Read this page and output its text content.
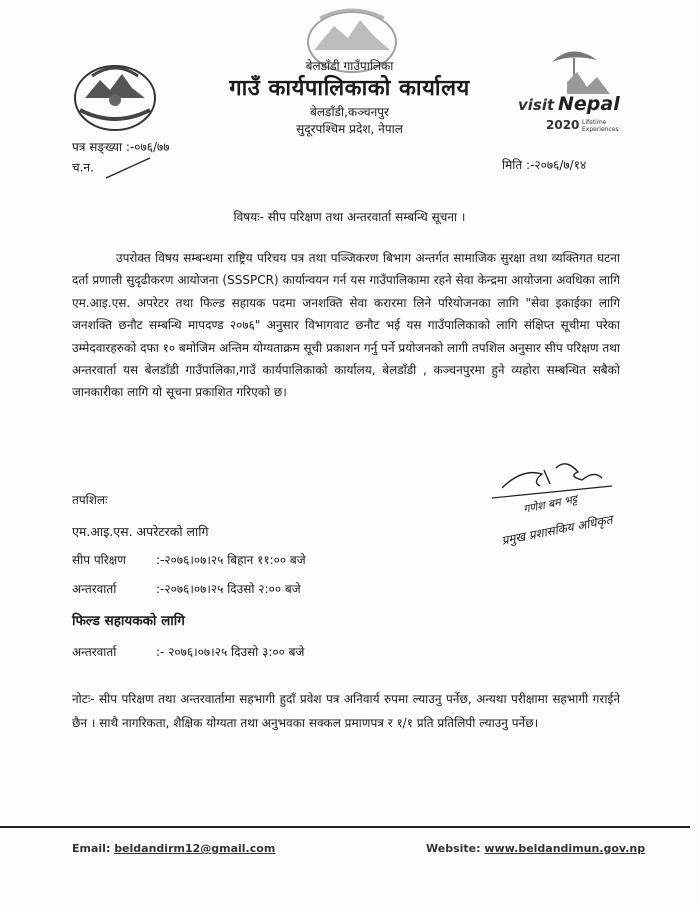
visit Nepal
2020 Lifetime
Experiences
बेलडाँडी गाउँपालिका
गाउँ कार्यपालिकाको कार्यालय
बेलडाँडी,कञ्चनपुर
सुदूरपश्चिम प्रदेश, नेपाल
पत्र सङ्ख्या :-०७६/७७
च.न.	मिति :-२०७६/७/१४
विषयः- सीप परिक्षण तथा अन्तरवार्ता सम्बन्धि सूचना ।
उपरोक्त विषय सम्बन्धमा राष्ट्रिय परिचय पत्र तथा पञ्जिकरण बिभाग अन्तर्गत सामाजिक सुरक्षा तथा व्यक्तिगत घटना दर्ता प्रणाली सुदृढीकरण आयोजना (SSSPCR) कार्यान्वयन गर्न यस गाउँपालिकामा रहने सेवा केन्द्रमा आयोजना अवधिका लागि एम.आइ.एस. अपरेटर तथा फिल्ड सहायक पदमा जनशक्ति सेवा करारमा लिने परियोजनका लागि "सेवा इकाईका लागि जनशक्ति छनौट सम्बन्धि मापदण्ड २०७६" अनुसार विभागवाट छनौट भई यस गाउँपालिकाको लागि संक्षिप्त सूचीमा परेका उम्मेदवारहरुको दफा १० बमोजिम अन्तिम योग्यताक्रम सूची प्रकाशन गर्नु पर्ने प्रयोजनको लागी तपशिल अनुसार सीप परिक्षण तथा अन्तरवार्ता यस बेलडाँडी गाउँपालिका,गाउँ कार्यपालिकाको कार्यालय, बेलडाँडी , कञ्चनपुरमा हुने व्यहोरा सम्बन्धित सबैको जानकारीका लागि यो सूचना प्रकाशित गरिएको छ।
गणेश बम भट्ट
प्रमुख प्रशासकिय अधिकृत
तपशिलः
एम.आइ.एस. अपरेटरको लागि
सीप परिक्षण	:-२०७६।०७।२५ बिहान ११:०० बजे
अन्तरवार्ता	:-२०७६।०७।२५ दिउसो २:०० बजे
फिल्ड सहायकको लागि
अन्तरवार्ता	:- २०७६।०७।२५ दिउसो ३:०० बजे
नोटः- सीप परिक्षण तथा अन्तरवार्तामा सहभागी हुदाँ प्रवेश पत्र अनिवार्य रुपमा ल्याउनु पर्नेछ, अन्यथा परीक्षामा सहभागी गराईने छैन । साथै नागरिकता, शैक्षिक योग्यता तथा अनुभवका सक्कल प्रमाणपत्र र १/१ प्रति प्रतिलिपी ल्याउनु पर्नेछ।
Email: beldandirm12@gmail.com	Website: www.beldandimun.gov.np
